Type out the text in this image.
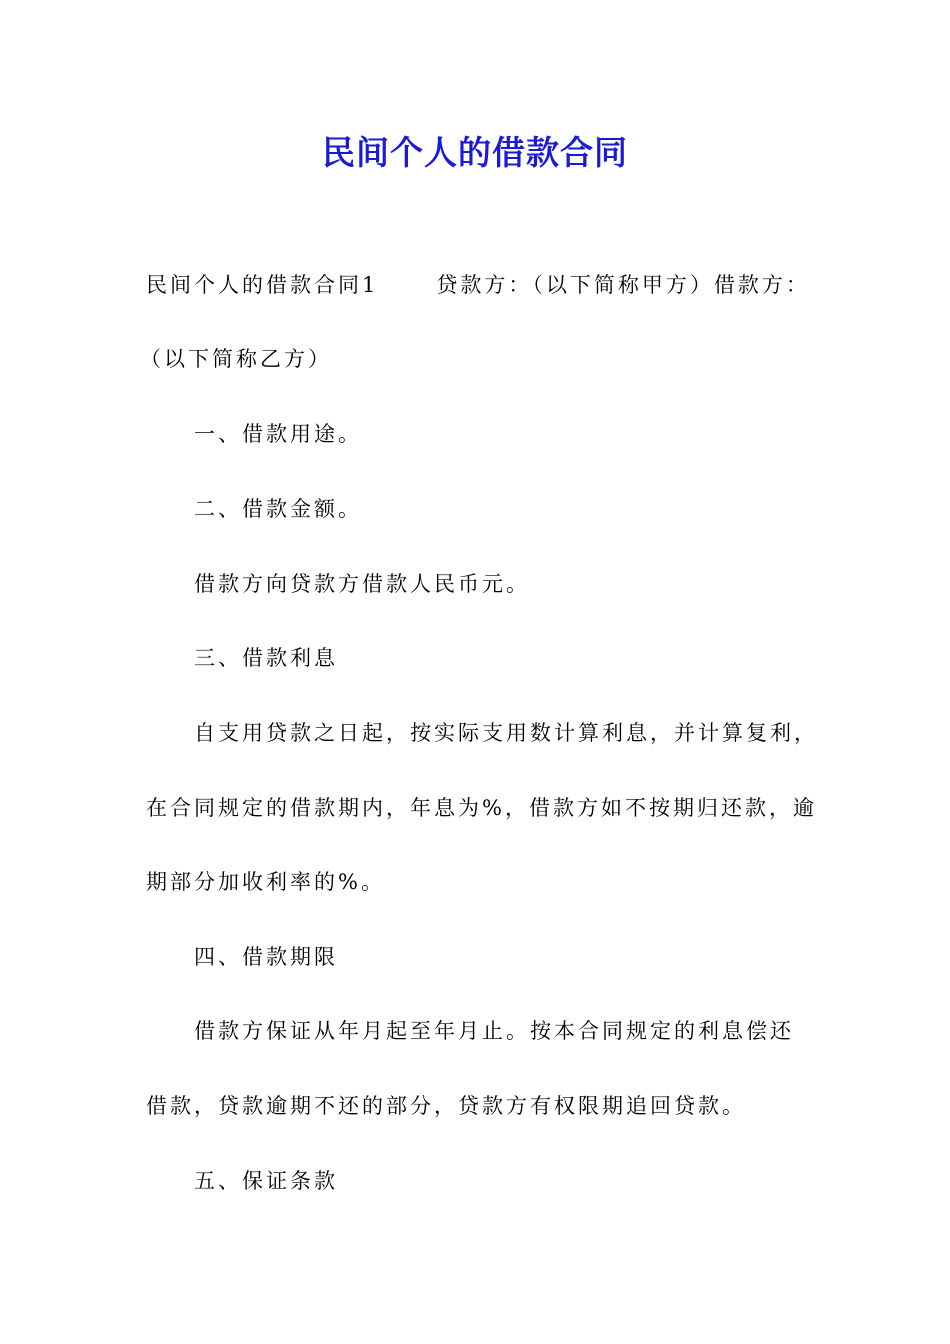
民间个人的借款合同
民间个人的借款合同1	贷款方：（以下简称甲方）借款方：
（以下简称乙方）
一、借款用途。
二、借款金额。
借款方向贷款方借款人民币元。
三、借款利息
自支用贷款之日起，按实际支用数计算利息，并计算复利，
在合同规定的借款期内，年息为%，借款方如不按期归还款，逾
期部分加收利率的%。
四、借款期限
借款方保证从年月起至年月止。按本合同规定的利息偿还
借款，贷款逾期不还的部分，贷款方有权限期追回贷款。
五、保证条款
